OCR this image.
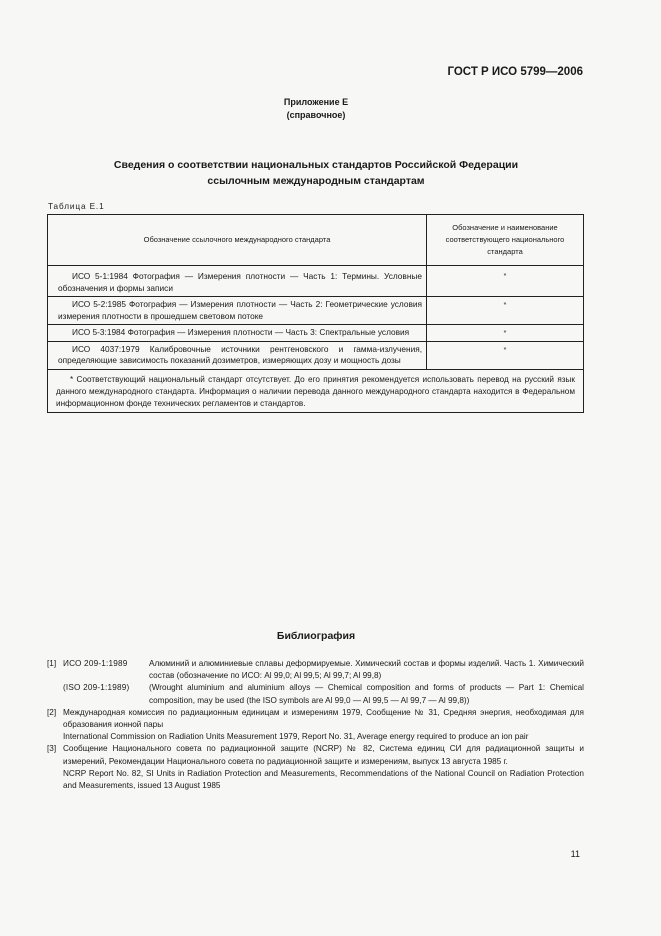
ГОСТ Р ИСО 5799—2006
Приложение Е
(справочное)
Сведения о соответствии национальных стандартов Российской Федерации
ссылочным международным стандартам
Таблица Е.1
Обозначение ссылочного международного стандарта	Обозначение и наименование соответствующего национального стандарта
ИСО 5-1:1984 Фотография — Измерения плотности — Часть 1: Термины. Условные обозначения и формы записи	*
ИСО 5-2:1985 Фотография — Измерения плотности — Часть 2: Геометрические условия измерения плотности в прошедшем световом потоке	*
ИСО 5-3:1984 Фотография — Измерения плотности — Часть 3: Спектральные условия	*
ИСО 4037:1979 Калибровочные источники рентгеновского и гамма-излучения, определяющие зависимость показаний дозиметров, измеряющих дозу и мощность дозы	*
* Соответствующий национальный стандарт отсутствует. До его принятия рекомендуется использовать перевод на русский язык данного международного стандарта. Информация о наличии перевода данного международного стандарта находится в Федеральном информационном фонде технических регламентов и стандартов.	
Библиография
[1] ИСО 209-1:1989	Алюминий и алюминиевые сплавы деформируемые. Химический состав и формы изделий. Часть 1. Химический состав (обозначение по ИСО: Al 99,0; Al 99,5; Al 99,7; Al 99,8)
(ISO 209-1:1989)	(Wrought aluminium and aluminium alloys — Chemical composition and forms of products — Part 1: Chemical composition, may be used (the ISO symbols are Al 99,0 — Al 99,5 — Al 99,7 — Al 99,8))
[2] Международная комиссия по радиационным единицам и измерениям 1979, Сообщение № 31, Средняя энергия, необходимая для образования ионной пары
International Commission on Radiation Units Measurement 1979, Report No. 31, Average energy required to produce an ion pair
[3] Сообщение Национального совета по радиационной защите (NCRP) № 82, Система единиц СИ для радиационной защиты и измерений, Рекомендации Национального совета по радиационной защите и измерениям, выпуск 13 августа 1985 г.
NCRP Report No. 82, SI Units in Radiation Protection and Measurements, Recommendations of the National Council on Radiation Protection and Measurements, issued 13 August 1985
11
